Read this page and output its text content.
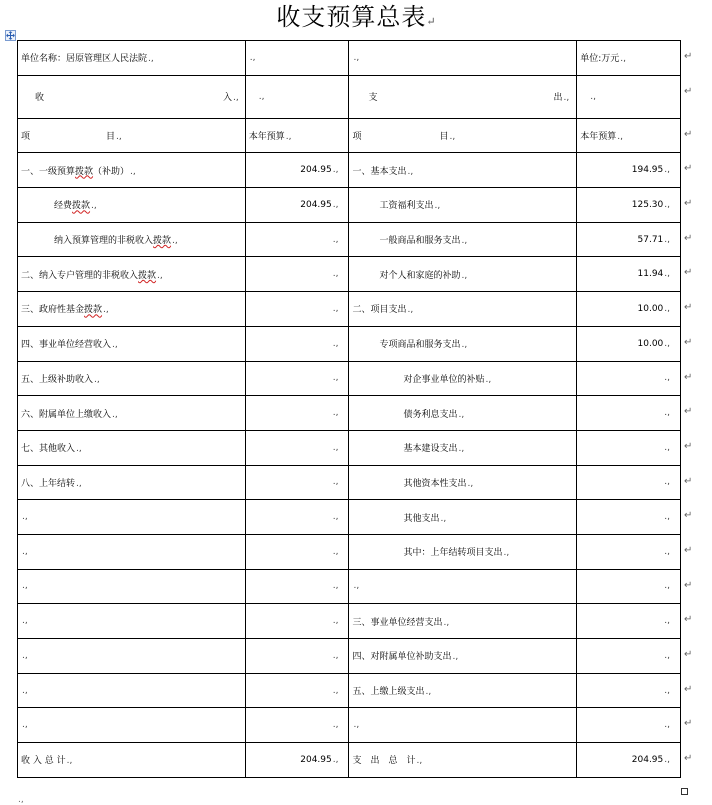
收支预算总表↵
单位名称：居原管理区人民法院.,	.,	.,	单位:万元.,

收 入.,	.,	支 出.,	.,

项 目.,	本年预算.,	项 目.,	本年预算.,
一、一级预算拨款（补助）.,	204.95.,	一、基本支出.,	194.95.,
经费拨款.,	204.95.,	工资福利支出.,	125.30.,
纳入预算管理的非税收入拨款.,	.,	一般商品和服务支出.,	57.71.,
二、纳入专户管理的非税收入拨款.,	.,	对个人和家庭的补助.,	11.94.,
三、政府性基金拨款.,	.,	二、项目支出.,	10.00.,
四、事业单位经营收入.,	.,	专项商品和服务支出.,	10.00.,
五、上级补助收入.,	.,	对企事业单位的补贴.,	.,
六、附属单位上缴收入.,	.,	债务利息支出.,	.,
七、其他收入.,	.,	基本建设支出.,	.,
八、上年结转.,	.,	其他资本性支出.,	.,
.,	.,	其他支出.,	.,
.,	.,	其中：上年结转项目支出.,	.,
.,	.,	.,	.,
.,	.,	三、事业单位经营支出.,	.,
.,	.,	四、对附属单位补助支出.,	.,
.,	.,	五、上缴上级支出.,	.,
.,	.,	.,	.,
收 入 总 计.,	204.95.,	支　出　总　计.,	204.95.,
↵
↵
↵
↵
↵
↵
↵
↵
↵
↵
↵
↵
↵
↵
↵
↵
↵
↵
↵
↵
↵
.,
